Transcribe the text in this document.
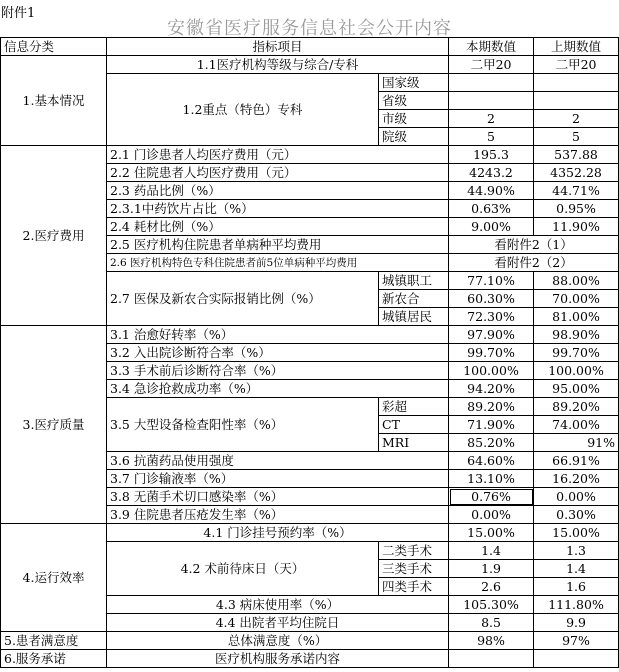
附件1
安徽省医疗服务信息社会公开内容
信息分类	指标项目		本期数值	上期数值
1.基本情况	1.1医疗机构等级与综合/专科		二甲20	二甲20
	1.2重点（特色）专科	国家级		
		省级		
		市级	2	2
		院级	5	5
2.医疗费用	2.1 门诊患者人均医疗费用（元）		195.3	537.88
	2.2 住院患者人均医疗费用（元）		4243.2	4352.28
	2.3 药品比例（%）		44.90%	44.71%
	2.3.1中药饮片占比（%）		0.63%	0.95%
	2.4 耗材比例（%）		9.00%	11.90%
	2.5 医疗机构住院患者单病种平均费用		看附件2（1）	
	2.6 医疗机构特色专科住院患者前5位单病种平均费用		看附件2（2）	
	2.7 医保及新农合实际报销比例（%）	城镇职工	77.10%	88.00%
		新农合	60.30%	70.00%
		城镇居民	72.30%	81.00%
3.医疗质量	3.1 治愈好转率（%）		97.90%	98.90%
	3.2 入出院诊断符合率（%）		99.70%	99.70%
	3.3 手术前后诊断符合率（%）		100.00%	100.00%
	3.4 急诊抢救成功率（%）		94.20%	95.00%
	3.5 大型设备检查阳性率（%）	彩超	89.20%	89.20%
		CT	71.90%	74.00%
		MRI	85.20%	91%
	3.6 抗菌药品使用强度		64.60%	66.91%
	3.7 门诊输液率（%）		13.10%	16.20%
	3.8 无菌手术切口感染率（%）		0.76%	0.00%
	3.9 住院患者压疮发生率（%）		0.00%	0.30%
4.运行效率	4.1 门诊挂号预约率（%）		15.00%	15.00%
	4.2 术前待床日（天）	二类手术	1.4	1.3
		三类手术	1.9	1.4
		四类手术	2.6	1.6
	4.3 病床使用率（%）		105.30%	111.80%
	4.4 出院者平均住院日		8.5	9.9
5.患者满意度	总体满意度（%）		98%	97%
6.服务承诺	医疗机构服务承诺内容			
